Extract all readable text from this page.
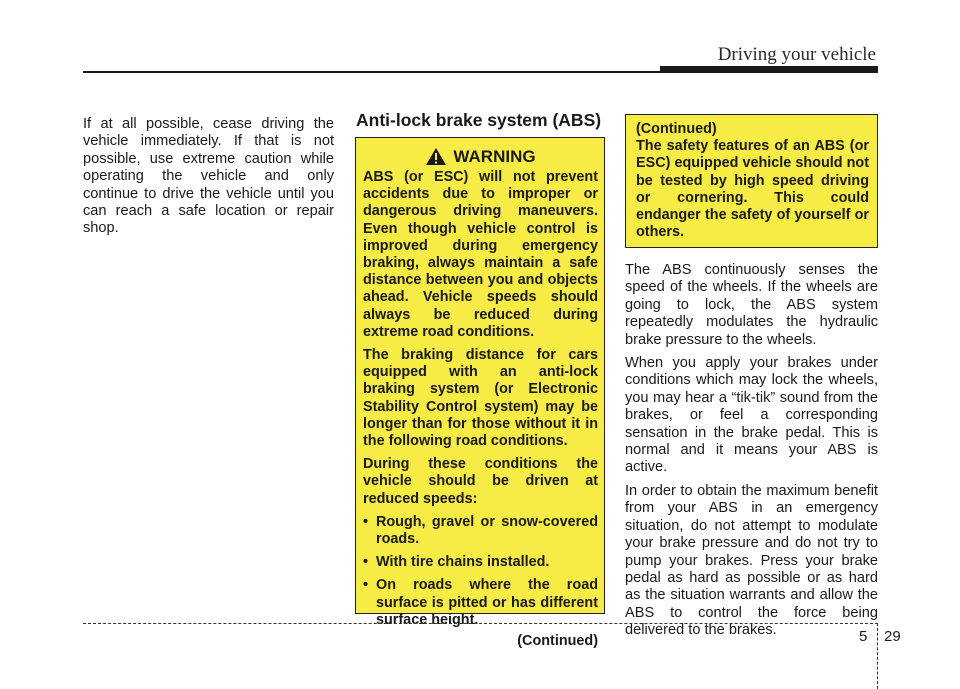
Driving your vehicle

If at all possible, cease driving the vehicle immediately. If that is not possible, use extreme caution while operating the vehicle and only continue to drive the vehicle until you can reach a safe location or repair shop.

Anti-lock brake system (ABS)
WARNING

ABS (or ESC) will not prevent accidents due to improper or dangerous driving maneuvers. Even though vehicle control is improved during emergency braking, always maintain a safe distance between you and objects ahead. Vehicle speeds should always be reduced during extreme road conditions.

The braking distance for cars equipped with an anti-lock braking system (or Electronic Stability Control system) may be longer than for those without it in the following road conditions.

During these conditions the vehicle should be driven at reduced speeds:

• Rough, gravel or snow-covered roads.
• With tire chains installed.
• On roads where the road surface is pitted or has different surface height.
(Continued)

(Continued)

The safety features of an ABS (or ESC) equipped vehicle should not be tested by high speed driving or cornering. This could endanger the safety of yourself or others.

The ABS continuously senses the speed of the wheels. If the wheels are going to lock, the ABS system repeatedly modulates the hydraulic brake pressure to the wheels.

When you apply your brakes under conditions which may lock the wheels, you may hear a “tik-tik” sound from the brakes, or feel a corresponding sensation in the brake pedal. This is normal and it means your ABS is active.

In order to obtain the maximum benefit from your ABS in an emergency situation, do not attempt to modulate your brake pressure and do not try to pump your brakes. Press your brake pedal as hard as possible or as hard as the situation warrants and allow the ABS to control the force being delivered to the brakes.	5 29
